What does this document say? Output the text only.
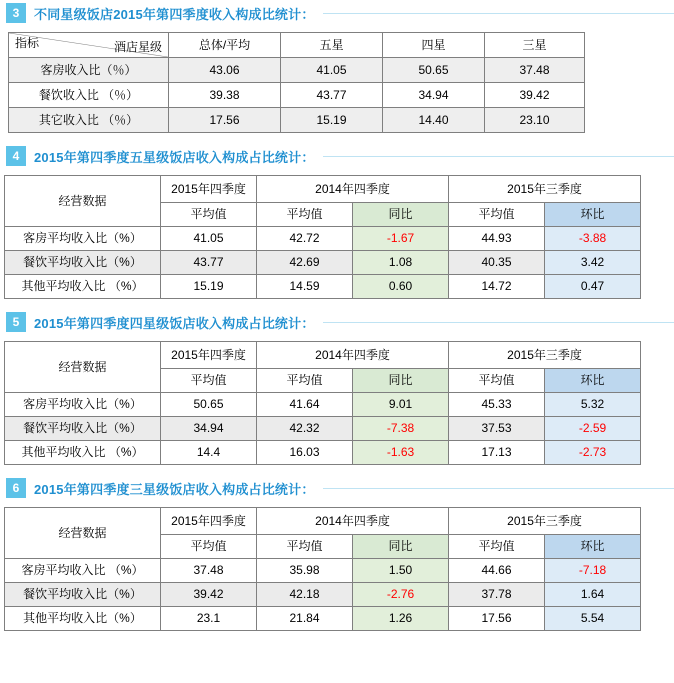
3	不同星级饭店2015年第四季度收入构成比统计：
酒店星级
指标	总体/平均	五星	四星	三星
客房收入比（％）	43.06	41.05	50.65	37.48
餐饮收入比 （％）	39.38	43.77	34.94	39.42
其它收入比 （％）	17.56	15.19	14.40	23.10
4	2015年第四季度五星级饭店收入构成占比统计：
经营数据	2015年四季度	2014年四季度		2015年三季度	
	平均值	平均值	同比	平均值	环比
客房平均收入比（%）	41.05	42.72	-1.67	44.93	-3.88
餐饮平均收入比（%）	43.77	42.69	1.08	40.35	3.42
其他平均收入比 （%）	15.19	14.59	0.60	14.72	0.47
5	2015年第四季度四星级饭店收入构成占比统计：
经营数据	2015年四季度	2014年四季度		2015年三季度	
	平均值	平均值	同比	平均值	环比
客房平均收入比（%）	50.65	41.64	9.01	45.33	5.32
餐饮平均收入比（%）	34.94	42.32	-7.38	37.53	-2.59
其他平均收入比 （%）	14.4	16.03	-1.63	17.13	-2.73
6	2015年第四季度三星级饭店收入构成占比统计：
经营数据	2015年四季度	2014年四季度		2015年三季度	
	平均值	平均值	同比	平均值	环比
客房平均收入比 （%）	37.48	35.98	1.50	44.66	-7.18
餐饮平均收入比（%）	39.42	42.18	-2.76	37.78	1.64
其他平均收入比（%）	23.1	21.84	1.26	17.56	5.54
